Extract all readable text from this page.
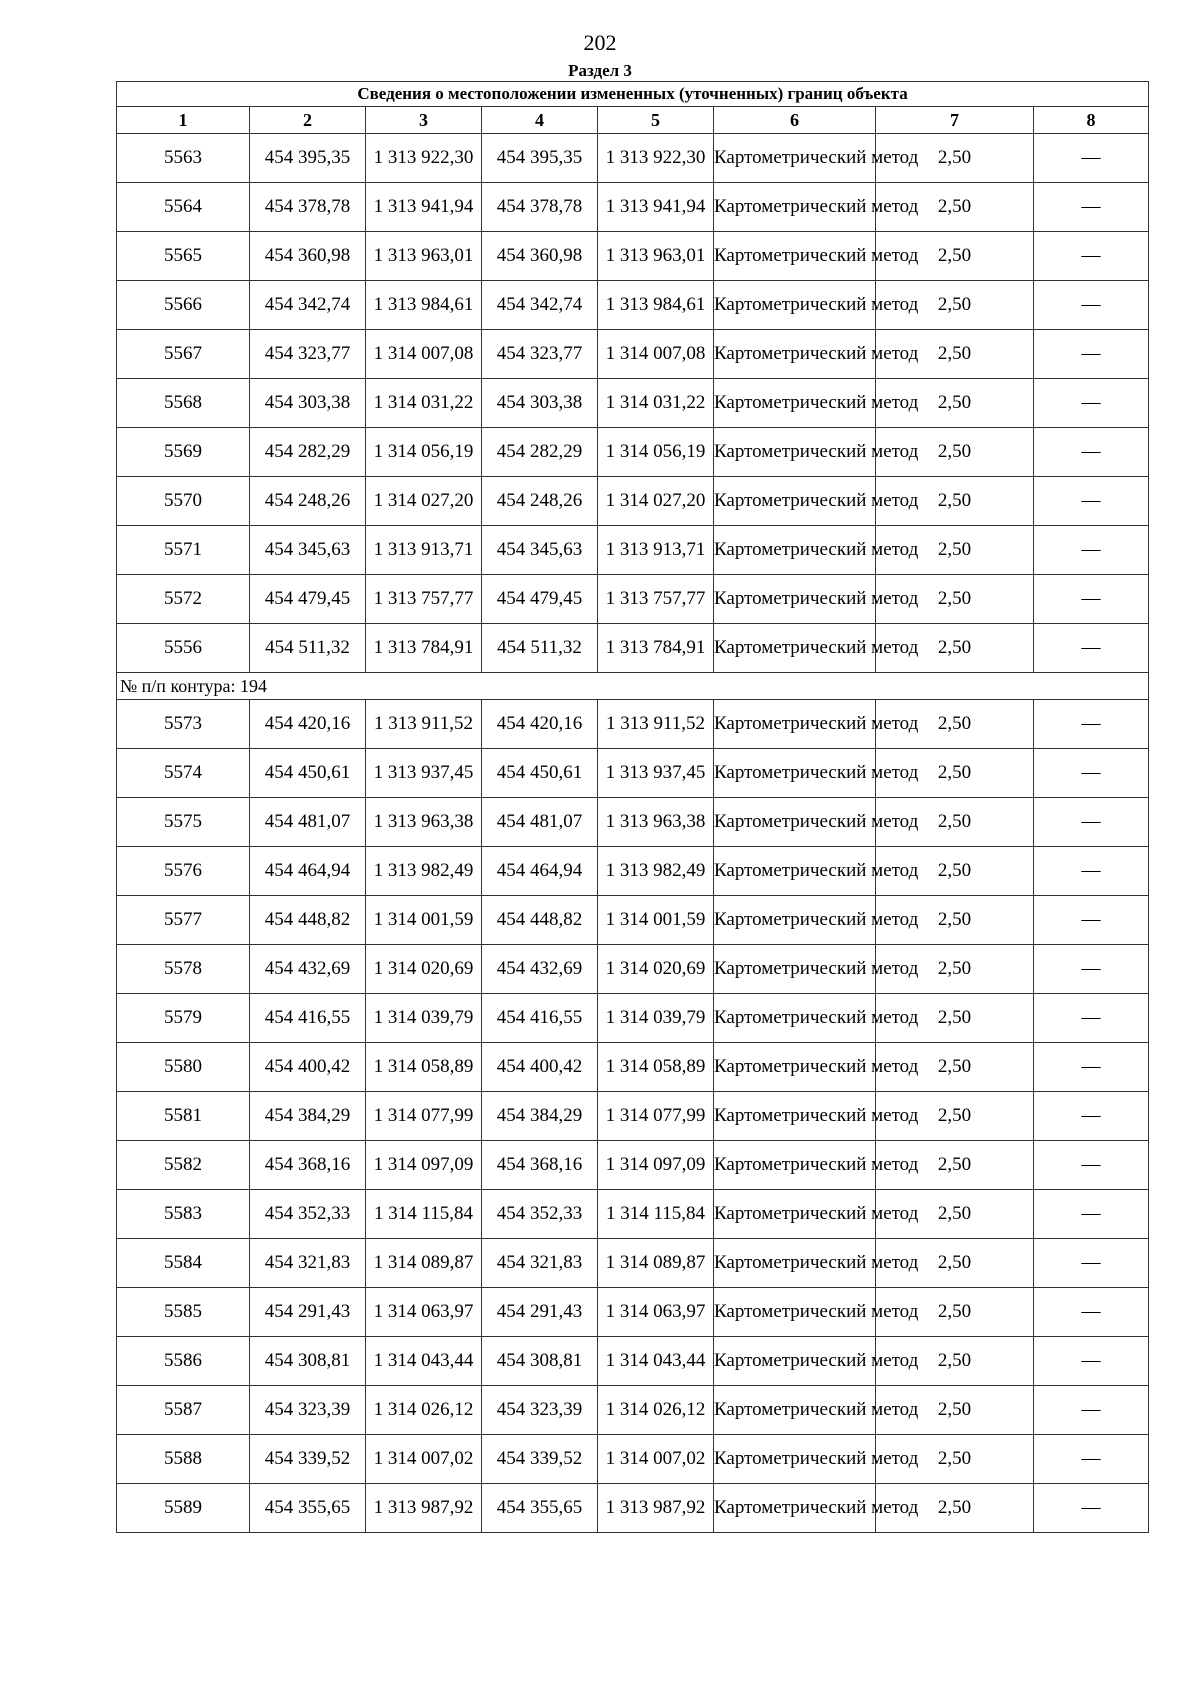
202
Раздел 3
Сведения о местоположении измененных (уточненных) границ объекта							
1	2	3	4	5	6	7	8
5563	454 395,35	1 313 922,30	454 395,35	1 313 922,30	Картометрический метод	2,50	—
5564	454 378,78	1 313 941,94	454 378,78	1 313 941,94	Картометрический метод	2,50	—
5565	454 360,98	1 313 963,01	454 360,98	1 313 963,01	Картометрический метод	2,50	—
5566	454 342,74	1 313 984,61	454 342,74	1 313 984,61	Картометрический метод	2,50	—
5567	454 323,77	1 314 007,08	454 323,77	1 314 007,08	Картометрический метод	2,50	—
5568	454 303,38	1 314 031,22	454 303,38	1 314 031,22	Картометрический метод	2,50	—
5569	454 282,29	1 314 056,19	454 282,29	1 314 056,19	Картометрический метод	2,50	—
5570	454 248,26	1 314 027,20	454 248,26	1 314 027,20	Картометрический метод	2,50	—
5571	454 345,63	1 313 913,71	454 345,63	1 313 913,71	Картометрический метод	2,50	—
5572	454 479,45	1 313 757,77	454 479,45	1 313 757,77	Картометрический метод	2,50	—
5556	454 511,32	1 313 784,91	454 511,32	1 313 784,91	Картометрический метод	2,50	—
№ п/п контура: 194							
5573	454 420,16	1 313 911,52	454 420,16	1 313 911,52	Картометрический метод	2,50	—
5574	454 450,61	1 313 937,45	454 450,61	1 313 937,45	Картометрический метод	2,50	—
5575	454 481,07	1 313 963,38	454 481,07	1 313 963,38	Картометрический метод	2,50	—
5576	454 464,94	1 313 982,49	454 464,94	1 313 982,49	Картометрический метод	2,50	—
5577	454 448,82	1 314 001,59	454 448,82	1 314 001,59	Картометрический метод	2,50	—
5578	454 432,69	1 314 020,69	454 432,69	1 314 020,69	Картометрический метод	2,50	—
5579	454 416,55	1 314 039,79	454 416,55	1 314 039,79	Картометрический метод	2,50	—
5580	454 400,42	1 314 058,89	454 400,42	1 314 058,89	Картометрический метод	2,50	—
5581	454 384,29	1 314 077,99	454 384,29	1 314 077,99	Картометрический метод	2,50	—
5582	454 368,16	1 314 097,09	454 368,16	1 314 097,09	Картометрический метод	2,50	—
5583	454 352,33	1 314 115,84	454 352,33	1 314 115,84	Картометрический метод	2,50	—
5584	454 321,83	1 314 089,87	454 321,83	1 314 089,87	Картометрический метод	2,50	—
5585	454 291,43	1 314 063,97	454 291,43	1 314 063,97	Картометрический метод	2,50	—
5586	454 308,81	1 314 043,44	454 308,81	1 314 043,44	Картометрический метод	2,50	—
5587	454 323,39	1 314 026,12	454 323,39	1 314 026,12	Картометрический метод	2,50	—
5588	454 339,52	1 314 007,02	454 339,52	1 314 007,02	Картометрический метод	2,50	—
5589	454 355,65	1 313 987,92	454 355,65	1 313 987,92	Картометрический метод	2,50	—
